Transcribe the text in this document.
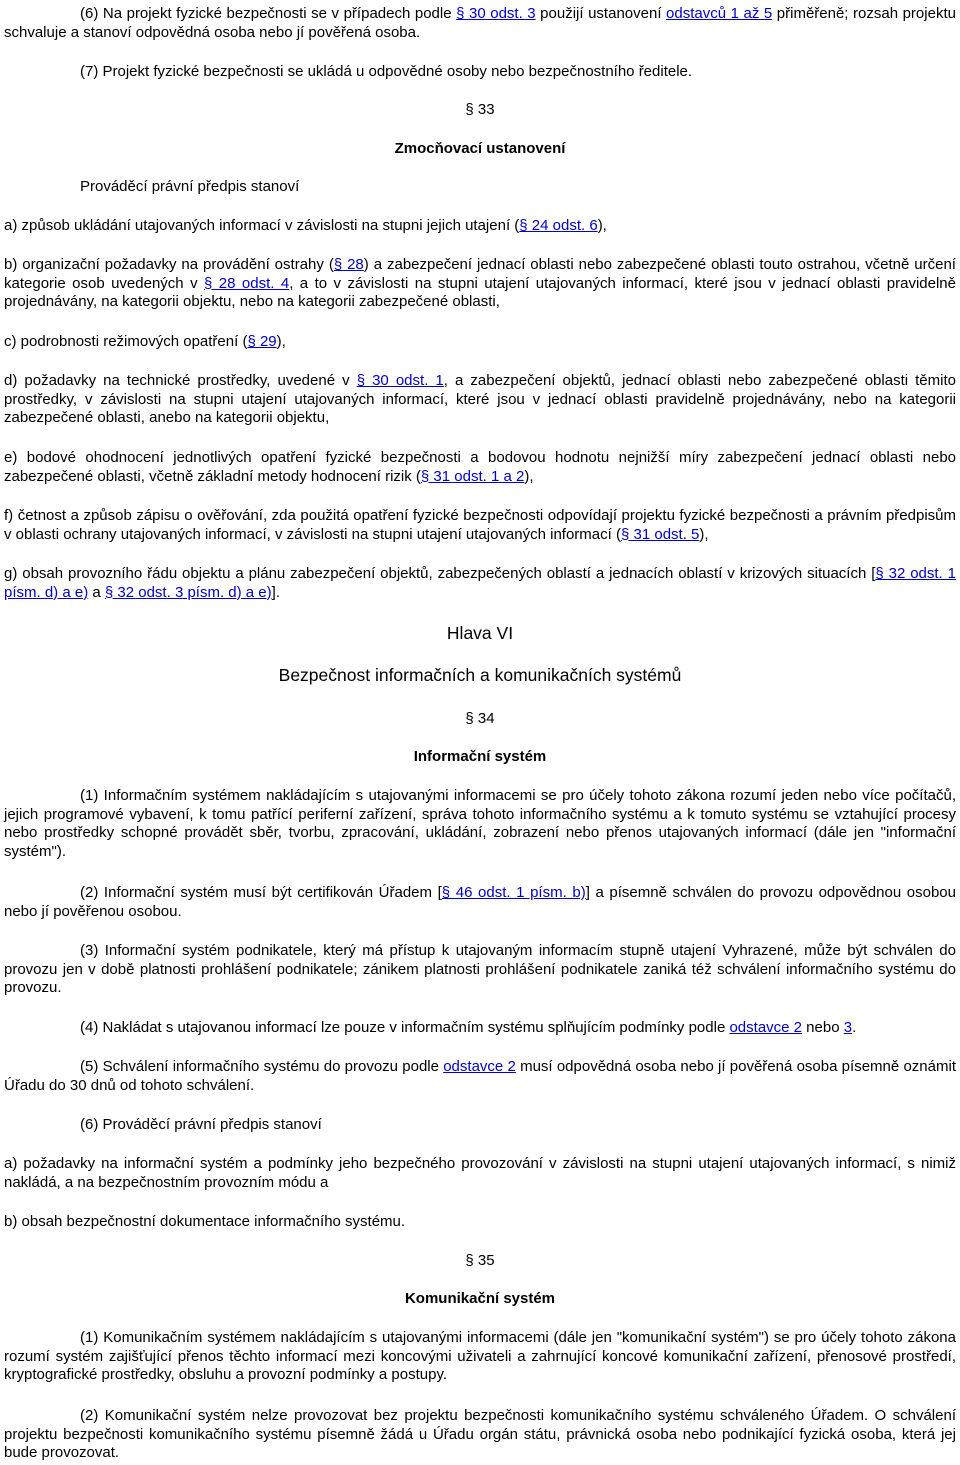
(6) Na projekt fyzické bezpečnosti se v případech podle § 30 odst. 3 použijí ustanovení odstavců 1 až 5 přiměřeně; rozsah projektu schvaluje a stanoví odpovědná osoba nebo jí pověřená osoba.

(7) Projekt fyzické bezpečnosti se ukládá u odpovědné osoby nebo bezpečnostního ředitele.

§ 33

Zmocňovací ustanovení

Prováděcí právní předpis stanoví

a) způsob ukládání utajovaných informací v závislosti na stupni jejich utajení (§ 24 odst. 6),

b) organizační požadavky na provádění ostrahy (§ 28) a zabezpečení jednací oblasti nebo zabezpečené oblasti touto ostrahou, včetně určení kategorie osob uvedených v § 28 odst. 4, a to v závislosti na stupni utajení utajovaných informací, které jsou v jednací oblasti pravidelně projednávány, na kategorii objektu, nebo na kategorii zabezpečené oblasti,

c) podrobnosti režimových opatření (§ 29),

d) požadavky na technické prostředky, uvedené v § 30 odst. 1, a zabezpečení objektů, jednací oblasti nebo zabezpečené oblasti těmito prostředky, v závislosti na stupni utajení utajovaných informací, které jsou v jednací oblasti pravidelně projednávány, nebo na kategorii zabezpečené oblasti, anebo na kategorii objektu,

e) bodové ohodnocení jednotlivých opatření fyzické bezpečnosti a bodovou hodnotu nejnižší míry zabezpečení jednací oblasti nebo zabezpečené oblasti, včetně základní metody hodnocení rizik (§ 31 odst. 1 a 2),

f) četnost a způsob zápisu o ověřování, zda použitá opatření fyzické bezpečnosti odpovídají projektu fyzické bezpečnosti a právním předpisům v oblasti ochrany utajovaných informací, v závislosti na stupni utajení utajovaných informací (§ 31 odst. 5),

g) obsah provozního řádu objektu a plánu zabezpečení objektů, zabezpečených oblastí a jednacích oblastí v krizových situacích [§ 32 odst. 1 písm. d) a e) a § 32 odst. 3 písm. d) a e)].

Hlava VI

Bezpečnost informačních a komunikačních systémů

§ 34

Informační systém

(1) Informačním systémem nakládajícím s utajovanými informacemi se pro účely tohoto zákona rozumí jeden nebo více počítačů, jejich programové vybavení, k tomu patřící periferní zařízení, správa tohoto informačního systému a k tomuto systému se vztahující procesy nebo prostředky schopné provádět sběr, tvorbu, zpracování, ukládání, zobrazení nebo přenos utajovaných informací (dále jen "informační systém").

(2) Informační systém musí být certifikován Úřadem [§ 46 odst. 1 písm. b)] a písemně schválen do provozu odpovědnou osobou nebo jí pověřenou osobou.

(3) Informační systém podnikatele, který má přístup k utajovaným informacím stupně utajení Vyhrazené, může být schválen do provozu jen v době platnosti prohlášení podnikatele; zánikem platnosti prohlášení podnikatele zaniká též schválení informačního systému do provozu.

(4) Nakládat s utajovanou informací lze pouze v informačním systému splňujícím podmínky podle odstavce 2 nebo 3.

(5) Schválení informačního systému do provozu podle odstavce 2 musí odpovědná osoba nebo jí pověřená osoba písemně oznámit Úřadu do 30 dnů od tohoto schválení.

(6) Prováděcí právní předpis stanoví

a) požadavky na informační systém a podmínky jeho bezpečného provozování v závislosti na stupni utajení utajovaných informací, s nimiž nakládá, a na bezpečnostním provozním módu a

b) obsah bezpečnostní dokumentace informačního systému.

§ 35

Komunikační systém

(1) Komunikačním systémem nakládajícím s utajovanými informacemi (dále jen "komunikační systém") se pro účely tohoto zákona rozumí systém zajišťující přenos těchto informací mezi koncovými uživateli a zahrnující koncové komunikační zařízení, přenosové prostředí, kryptografické prostředky, obsluhu a provozní podmínky a postupy.

(2) Komunikační systém nelze provozovat bez projektu bezpečnosti komunikačního systému schváleného Úřadem. O schválení projektu bezpečnosti komunikačního systému písemně žádá u Úřadu orgán státu, právnická osoba nebo podnikající fyzická osoba, která jej bude provozovat.
